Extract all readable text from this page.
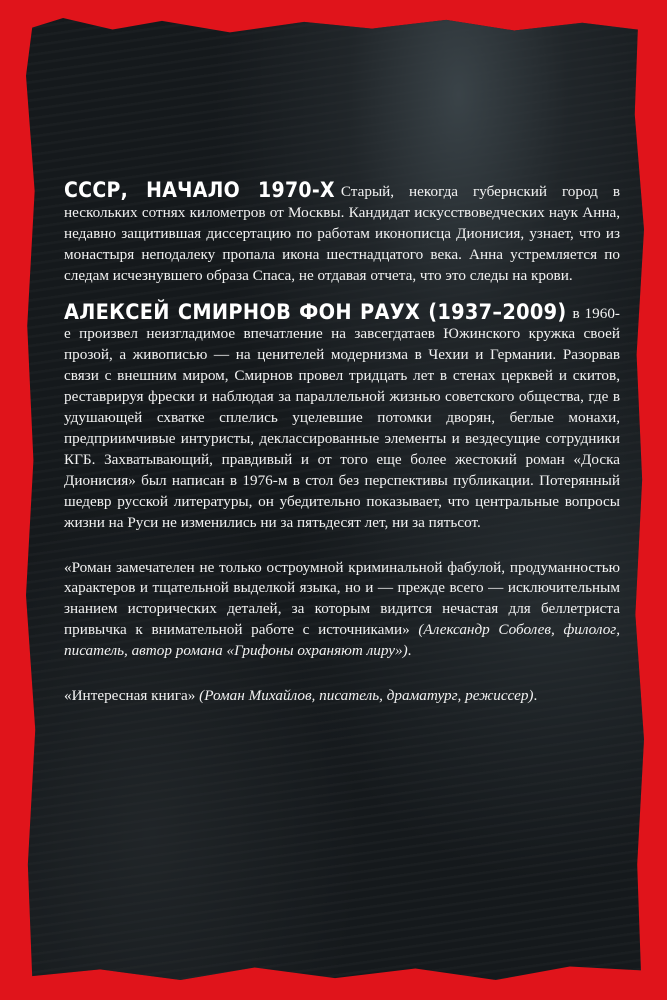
СССР, НАЧАЛО 1970-Х Старый, некогда губернский город в нескольких сотнях километров от Москвы. Кандидат искусствоведческих наук Анна, недавно защитившая диссертацию по работам иконописца Дионисия, узнает, что из монастыря неподалеку пропала икона шестнадцатого века. Анна устремляется по следам исчезнувшего образа Спаса, не отдавая отчета, что это следы на крови.

АЛЕКСЕЙ СМИРНОВ ФОН РАУХ (1937–2009) в 1960-е произвел неизгладимое впечатление на завсегдатаев Южинского кружка своей прозой, а живописью — на ценителей модернизма в Чехии и Германии. Разорвав связи с внешним миром, Смирнов провел тридцать лет в стенах церквей и скитов, реставрируя фрески и наблюдая за параллельной жизнью советского общества, где в удушающей схватке сплелись уцелевшие потомки дворян, беглые монахи, предприимчивые интуристы, деклассированные элементы и вездесущие сотрудники КГБ. Захватывающий, правдивый и от того еще более жестокий роман «Доска Дионисия» был написан в 1976-м в стол без перспективы публикации. Потерянный шедевр русской литературы, он убедительно показывает, что центральные вопросы жизни на Руси не изменились ни за пятьдесят лет, ни за пятьсот.

«Роман замечателен не только остроумной криминальной фабулой, продуманностью характеров и тщательной выделкой языка, но и — прежде всего — исключительным знанием исторических деталей, за которым видится нечастая для беллетриста привычка к внимательной работе с источниками» (Александр Соболев, филолог, писатель, автор романа «Грифоны охраняют лиру»).

«Интересная книга» (Роман Михайлов, писатель, драматург, режиссер).
